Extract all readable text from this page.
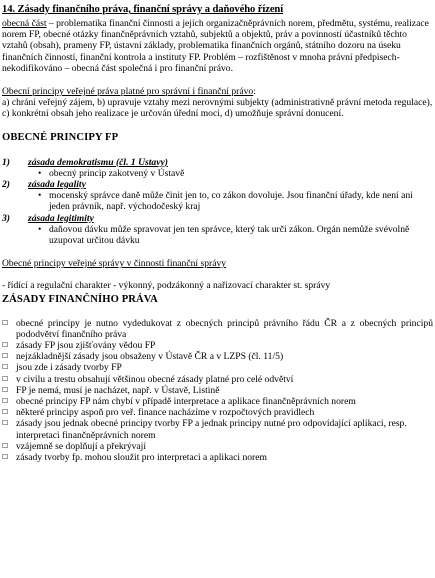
14. Zásady finančního práva, finanční správy a daňového řízení

obecná část – problematika finanční činnosti a jejích organizačněprávních norem, předmětu, systému, realizace norem FP, obecné otázky finančněprávních vztahů, subjektů a objektů, práv a povinností účastníků těchto vztahů (obsah), prameny FP, ústavní základy, problematika finančních orgánů, státního dozoru na úseku finančních činností, finanční kontrola a instituty FP. Problém – rozfištěnost v mnoha právní předpisech-nekodifikováno – obecná část společná i pro finanční právo.

Obecní principy veřejné práva platné pro správní i finanční právo:

a) chrání veřejný zájem, b) upravuje vztahy mezi nerovnými subjekty (administrativně právní metoda regulace), c) konkrétní obsah jeho realizace je určován úřední moci, d) umožňuje správní donucení.

OBECNÉ PRINCIPY FP
1)	zásada demokratismu (čl. 1 Ustavy)
•
obecný princip zakotvený v Ústavě
2)	zásada legality
•
mocenský správce daně může činit jen to, co zákon dovoluje. Jsou finanční úřady, kde není ani jeden právník, např. východočeský kraj
3)	zásada legitimity
•
daňovou dávku může spravovat jen ten správce, který tak určí zákon. Orgán nemůže svévolně uzupovat určitou dávku

Obecné principy veřejné správy v činnosti finanční správy

- řídící a regulační charakter - výkonný, podzákonný a nařizovací charakter st. správy

ZÁSADY FINANČNÍHO PRÁVA
☐ obecné principy je nutno vydedukovat z obecných principů právního řádu ČR a z obecných principů pododvětví finančního práva
☐ zásady FP jsou zjišťovány vědou FP
☐ nejzákladnější zásady jsou obsaženy v Ústavě ČR a v LZPS (čl. 11/5)
☐ jsou zde i zásady tvorby FP
☐ v civilu a trestu obsahují většinou obecné zásady platné pro celé odvětví
☐ FP je nemá, musí je nacházet, např. v Ústavě, Listině
☐ obecné principy FP nám chybí v případě interpretace a aplikace finančněprávních norem
☐ některé principy aspoň pro veř. finance nacházíme v rozpočtových pravidlech
☐ zásady jsou jednak obecné principy tvorby FP a jednak principy nutné pro odpovídající aplikaci, resp. interpretaci finančněprávních norem
☐ vzájemně se doplňují a překrývají
☐ zásady tvorby fp. mohou sloužit pro interpretaci a aplikaci norem
